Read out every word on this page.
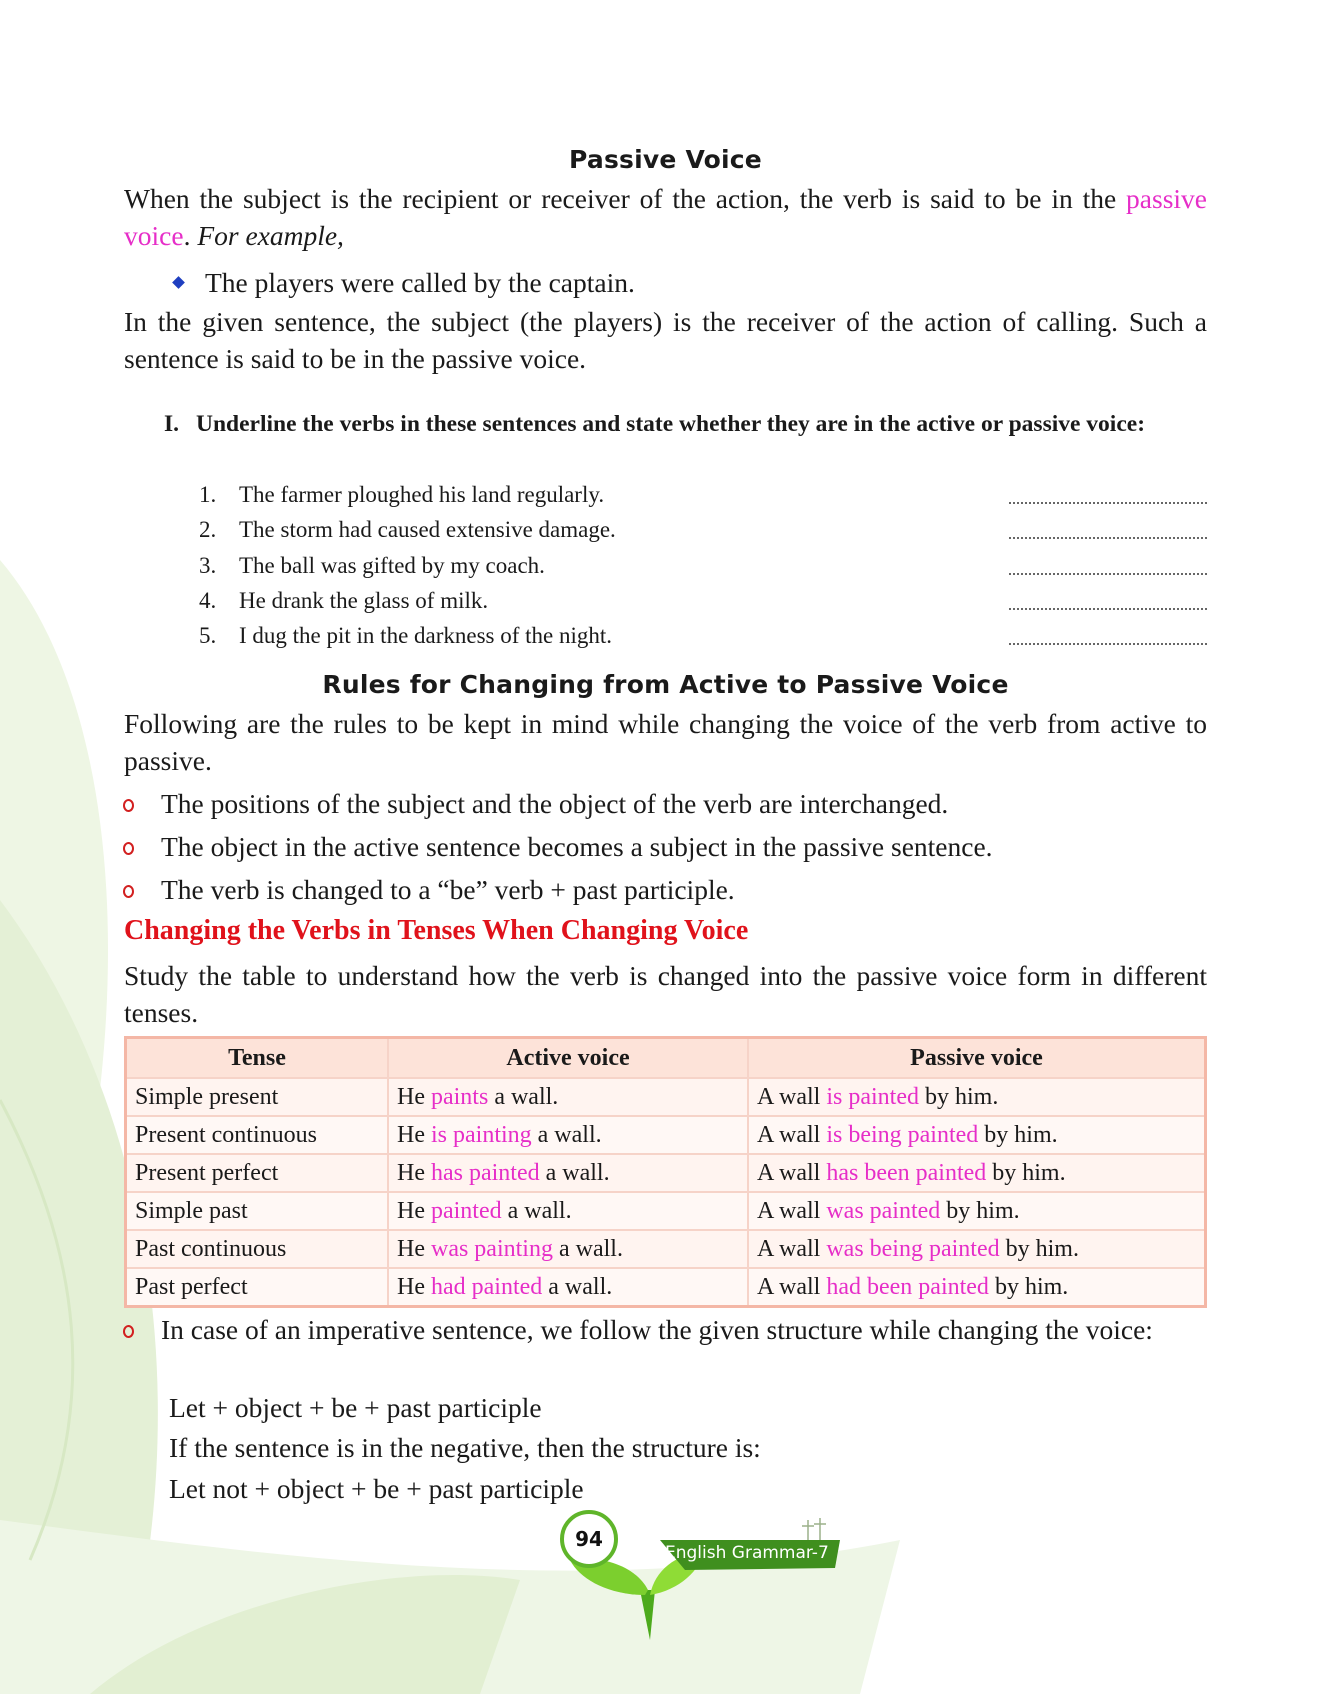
Passive Voice
When the subject is the recipient or receiver of the action, the verb is said to be in the passive voice. For example,
The players were called by the captain.
In the given sentence, the subject (the players) is the receiver of the action of calling. Such a sentence is said to be in the passive voice.
I. Underline the verbs in these sentences and state whether they are in the active or passive voice:
1. The farmer ploughed his land regularly.
2. The storm had caused extensive damage.
3. The ball was gifted by my coach.
4. He drank the glass of milk.
5. I dug the pit in the darkness of the night.
Rules for Changing from Active to Passive Voice
Following are the rules to be kept in mind while changing the voice of the verb from active to passive.
The positions of the subject and the object of the verb are interchanged.
The object in the active sentence becomes a subject in the passive sentence.
The verb is changed to a “be” verb + past participle.
Changing the Verbs in Tenses When Changing Voice
Study the table to understand how the verb is changed into the passive voice form in different tenses.
Tense	Active voice	Passive voice
Simple present	He paints a wall.	A wall is painted by him.
Present continuous	He is painting a wall.	A wall is being painted by him.
Present perfect	He has painted a wall.	A wall has been painted by him.
Simple past	He painted a wall.	A wall was painted by him.
Past continuous	He was painting a wall.	A wall was being painted by him.
Past perfect	He had painted a wall.	A wall had been painted by him.
In case of an imperative sentence, we follow the given structure while changing the voice:
Let + object + be + past participle
If the sentence is in the negative, then the structure is:
Let not + object + be + past participle
94
English Grammar-7
